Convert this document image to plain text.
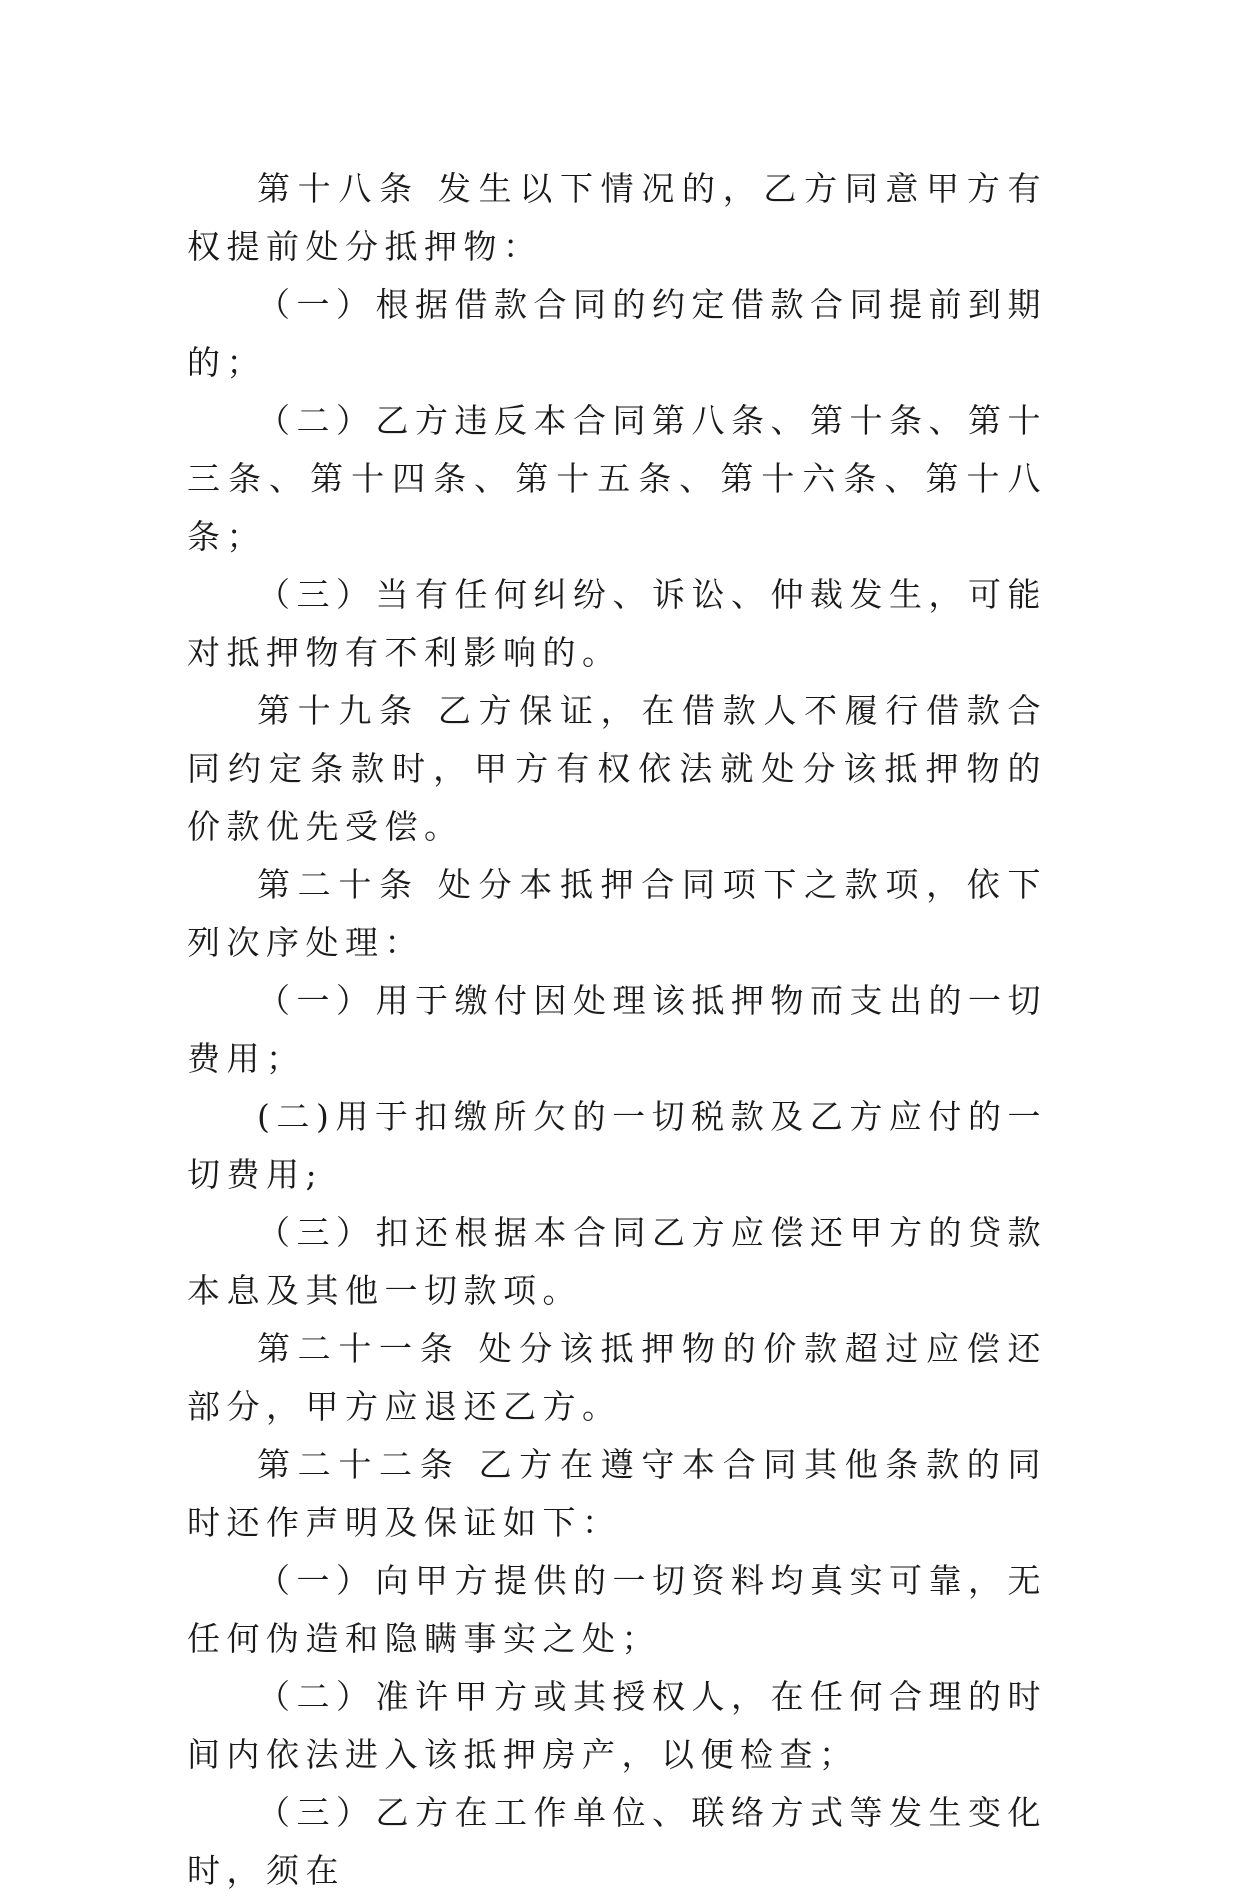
第十八条 发生以下情况的，乙方同意甲方有权提前处分抵押物：

（一）根据借款合同的约定借款合同提前到期的；

（二）乙方违反本合同第八条、第十条、第十三条、第十四条、第十五条、第十六条、第十八条；

（三）当有任何纠纷、诉讼、仲裁发生，可能对抵押物有不利影响的。

第十九条 乙方保证，在借款人不履行借款合同约定条款时，甲方有权依法就处分该抵押物的价款优先受偿。

第二十条 处分本抵押合同项下之款项，依下列次序处理：

（一）用于缴付因处理该抵押物而支出的一切费用；

(二)用于扣缴所欠的一切税款及乙方应付的一切费用;

（三）扣还根据本合同乙方应偿还甲方的贷款本息及其他一切款项。

第二十一条 处分该抵押物的价款超过应偿还部分，甲方应退还乙方。

第二十二条 乙方在遵守本合同其他条款的同时还作声明及保证如下：

（一）向甲方提供的一切资料均真实可靠，无任何伪造和隐瞒事实之处；

（二）准许甲方或其授权人，在任何合理的时间内依法进入该抵押房产，以便检查；

（三）乙方在工作单位、联络方式等发生变化时，须在
